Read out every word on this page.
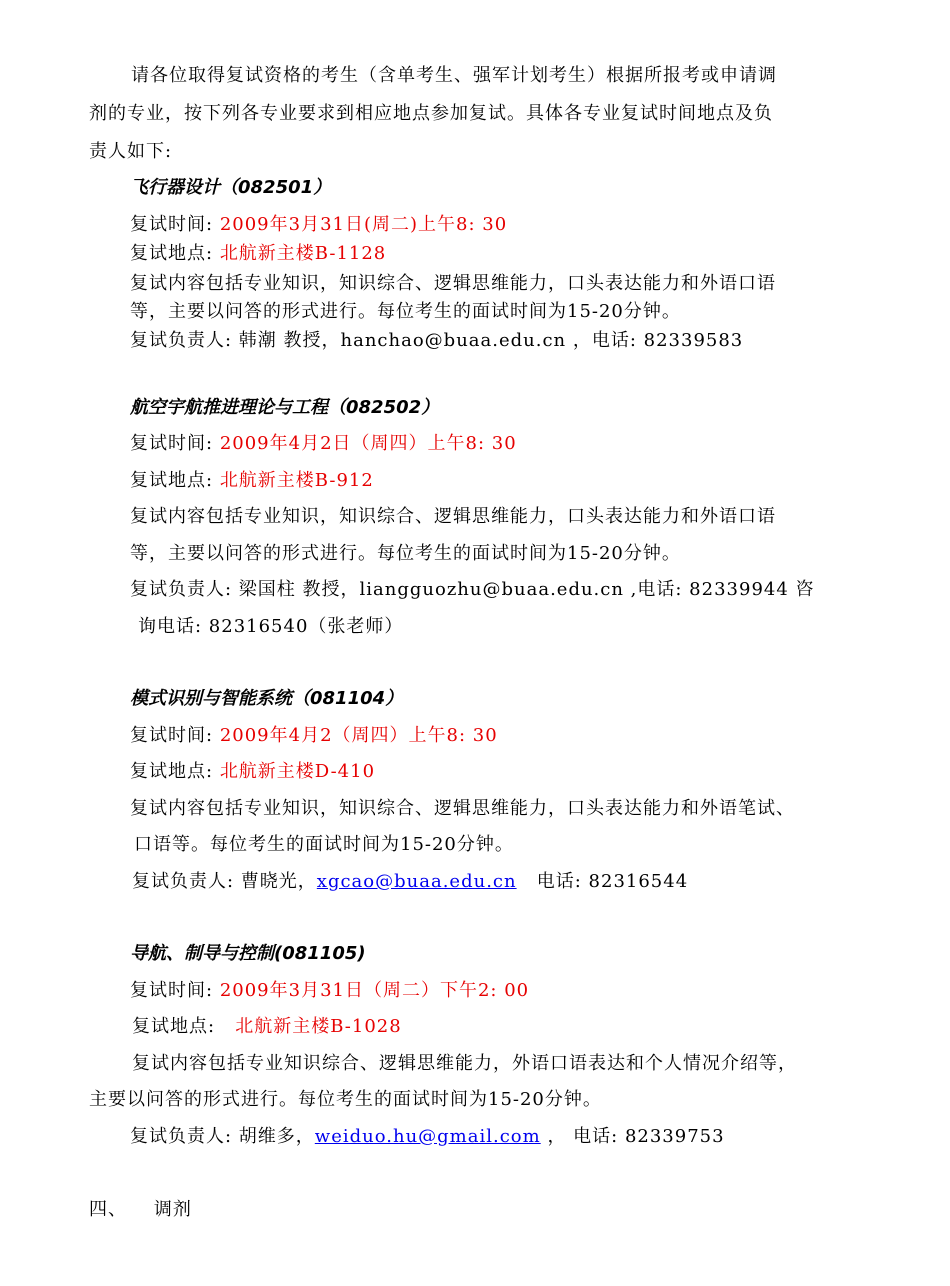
请各位取得复试资格的考生（含单考生、强军计划考生）根据所报考或申请调
剂的专业，按下列各专业要求到相应地点参加复试。具体各专业复试时间地点及负
责人如下:
飞行器设计（082501）
复试时间: 2009年3月31日(周二)上午8: 30
复试地点: 北航新主楼B-1128
复试内容包括专业知识，知识综合、逻辑思维能力，口头表达能力和外语口语
等，主要以问答的形式进行。每位考生的面试时间为15-20分钟。
复试负责人: 韩潮 教授，hanchao@buaa.edu.cn ，电话: 82339583
航空宇航推进理论与工程（082502）
复试时间: 2009年4月2日（周四）上午8: 30
复试地点: 北航新主楼B-912
复试内容包括专业知识，知识综合、逻辑思维能力，口头表达能力和外语口语
等，主要以问答的形式进行。每位考生的面试时间为15-20分钟。
复试负责人: 梁国柱 教授，liangguozhu@buaa.edu.cn ,电话: 82339944 咨
询电话: 82316540（张老师）
模式识别与智能系统（081104）
复试时间: 2009年4月2（周四）上午8: 30
复试地点: 北航新主楼D-410
复试内容包括专业知识，知识综合、逻辑思维能力，口头表达能力和外语笔试、
口语等。每位考生的面试时间为15-20分钟。
复试负责人: 曹晓光，xgcao@buaa.edu.cn 电话: 82316544
导航、制导与控制(081105)
复试时间: 2009年3月31日（周二）下午2: 00
复试地点: 北航新主楼B-1028
复试内容包括专业知识综合、逻辑思维能力，外语口语表达和个人情况介绍等，
主要以问答的形式进行。每位考生的面试时间为15-20分钟。
复试负责人: 胡维多，weiduo.hu@gmail.com ， 电话: 82339753
四、 调剂
